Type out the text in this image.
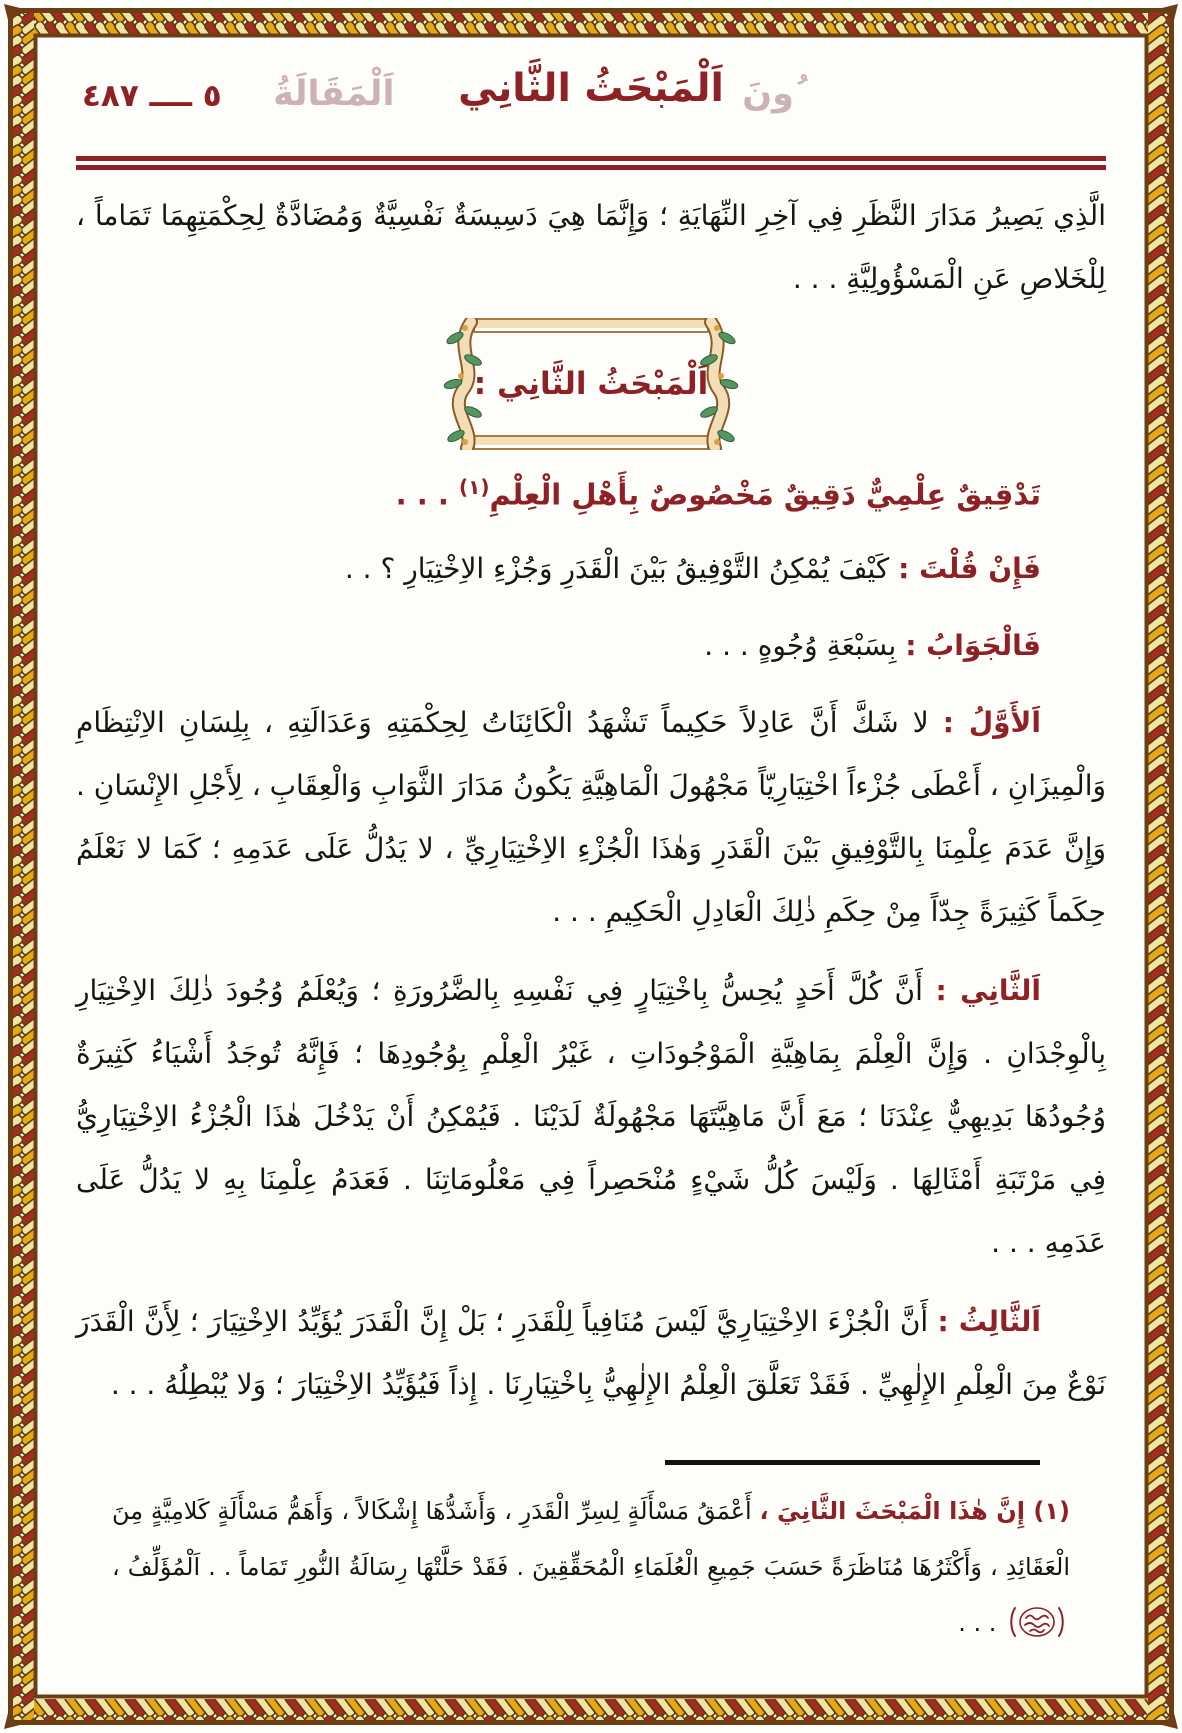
٥ ــــ ٤٨٧ اَلْمَقَالَةُ	ُونَ
اَلْمَبْحَثُ الثَّانِي

الَّذِي يَصِيرُ مَدَارَ النَّظَرِ فِي آخِرِ النِّهَايَةِ ؛ وَإِنَّمَا هِيَ دَسِيسَةٌ نَفْسِيَّةٌ وَمُضَادَّةٌ لِحِكْمَتِهِمَا تَمَاماً ، لِلْخَلاصِ عَنِ الْمَسْؤُولِيَّةِ . . .

اَلْمَبْحَثُ الثَّانِي :

تَدْقِيقٌ عِلْمِيٌّ دَقِيقٌ مَخْصُوصٌ بِأَهْلِ الْعِلْمِ$^{(١)}$ . . .

فَإِنْ قُلْتَ : كَيْفَ يُمْكِنُ التَّوْفِيقُ بَيْنَ الْقَدَرِ وَجُزْءِ الاِخْتِيَارِ ؟ . .

فَالْجَوَابُ : بِسَبْعَةِ وُجُوهٍ . . .

اَلأَوَّلُ : لا شَكَّ أَنَّ عَادِلاً حَكِيماً تَشْهَدُ الْكَائِنَاتُ لِحِكْمَتِهِ وَعَدَالَتِهِ ، بِلِسَانِ الاِنْتِظَامِ وَالْمِيزَانِ ، أَعْطَى جُزْءاً اخْتِيَارِيّاً مَجْهُولَ الْمَاهِيَّةِ يَكُونُ مَدَارَ الثَّوَابِ وَالْعِقَابِ ، لِأَجْلِ الإِنْسَانِ . وَإِنَّ عَدَمَ عِلْمِنَا بِالتَّوْفِيقِ بَيْنَ الْقَدَرِ وَهٰذَا الْجُزْءِ الاِخْتِيَارِيِّ ، لا يَدُلُّ عَلَى عَدَمِهِ ؛ كَمَا لا نَعْلَمُ حِكَماً كَثِيرَةً جِدّاً مِنْ حِكَمِ ذٰلِكَ الْعَادِلِ الْحَكِيمِ . . .

اَلثَّانِي : أَنَّ كُلَّ أَحَدٍ يُحِسُّ بِاخْتِيَارٍ فِي نَفْسِهِ بِالضَّرُورَةِ ؛ وَيُعْلَمُ وُجُودَ ذٰلِكَ الاِخْتِيَارِ بِالْوِجْدَانِ . وَإِنَّ الْعِلْمَ بِمَاهِيَّةِ الْمَوْجُودَاتِ ، غَيْرُ الْعِلْمِ بِوُجُودِهَا ؛ فَإِنَّهُ تُوجَدُ أَشْيَاءُ كَثِيرَةٌ وُجُودُهَا بَدِيهِيٌّ عِنْدَنَا ؛ مَعَ أَنَّ مَاهِيَّتَهَا مَجْهُولَةٌ لَدَيْنَا . فَيُمْكِنُ أَنْ يَدْخُلَ هٰذَا الْجُزْءُ الاِخْتِيَارِيُّ فِي مَرْتَبَةِ أَمْثَالِهَا . وَلَيْسَ كُلُّ شَيْءٍ مُنْحَصِراً فِي مَعْلُومَاتِنَا . فَعَدَمُ عِلْمِنَا بِهِ لا يَدُلُّ عَلَى عَدَمِهِ . . .

اَلثَّالِثُ : أَنَّ الْجُزْءَ الاِخْتِيَارِيَّ لَيْسَ مُنَافِياً لِلْقَدَرِ ؛ بَلْ إِنَّ الْقَدَرَ يُؤَيِّدُ الاِخْتِيَارَ ؛ لِأَنَّ الْقَدَرَ نَوْعٌ مِنَ الْعِلْمِ الإِلٰهِيِّ . فَقَدْ تَعَلَّقَ الْعِلْمُ الإِلٰهِيُّ بِاخْتِيَارِنَا . إِذاً فَيُؤَيِّدُ الاِخْتِيَارَ ؛ وَلا يُبْطِلُهُ . . .

(١) إِنَّ هٰذَا الْمَبْحَثَ الثَّانِيَ ، أَعْمَقُ مَسْأَلَةٍ لِسِرِّ الْقَدَرِ ، وَأَشَدُّهَا إِشْكَالاً ، وَأَهَمُّ مَسْأَلَةٍ كَلامِيَّةٍ مِنَ الْعَقَائِدِ ، وَأَكْثَرُهَا مُنَاظَرَةً حَسَبَ جَمِيعِ الْعُلَمَاءِ الْمُحَقِّقِينَ . فَقَدْ حَلَّتْهَا رِسَالَةُ النُّورِ تَمَاماً . . اَلْمُؤَلِّفُ ، . . .
